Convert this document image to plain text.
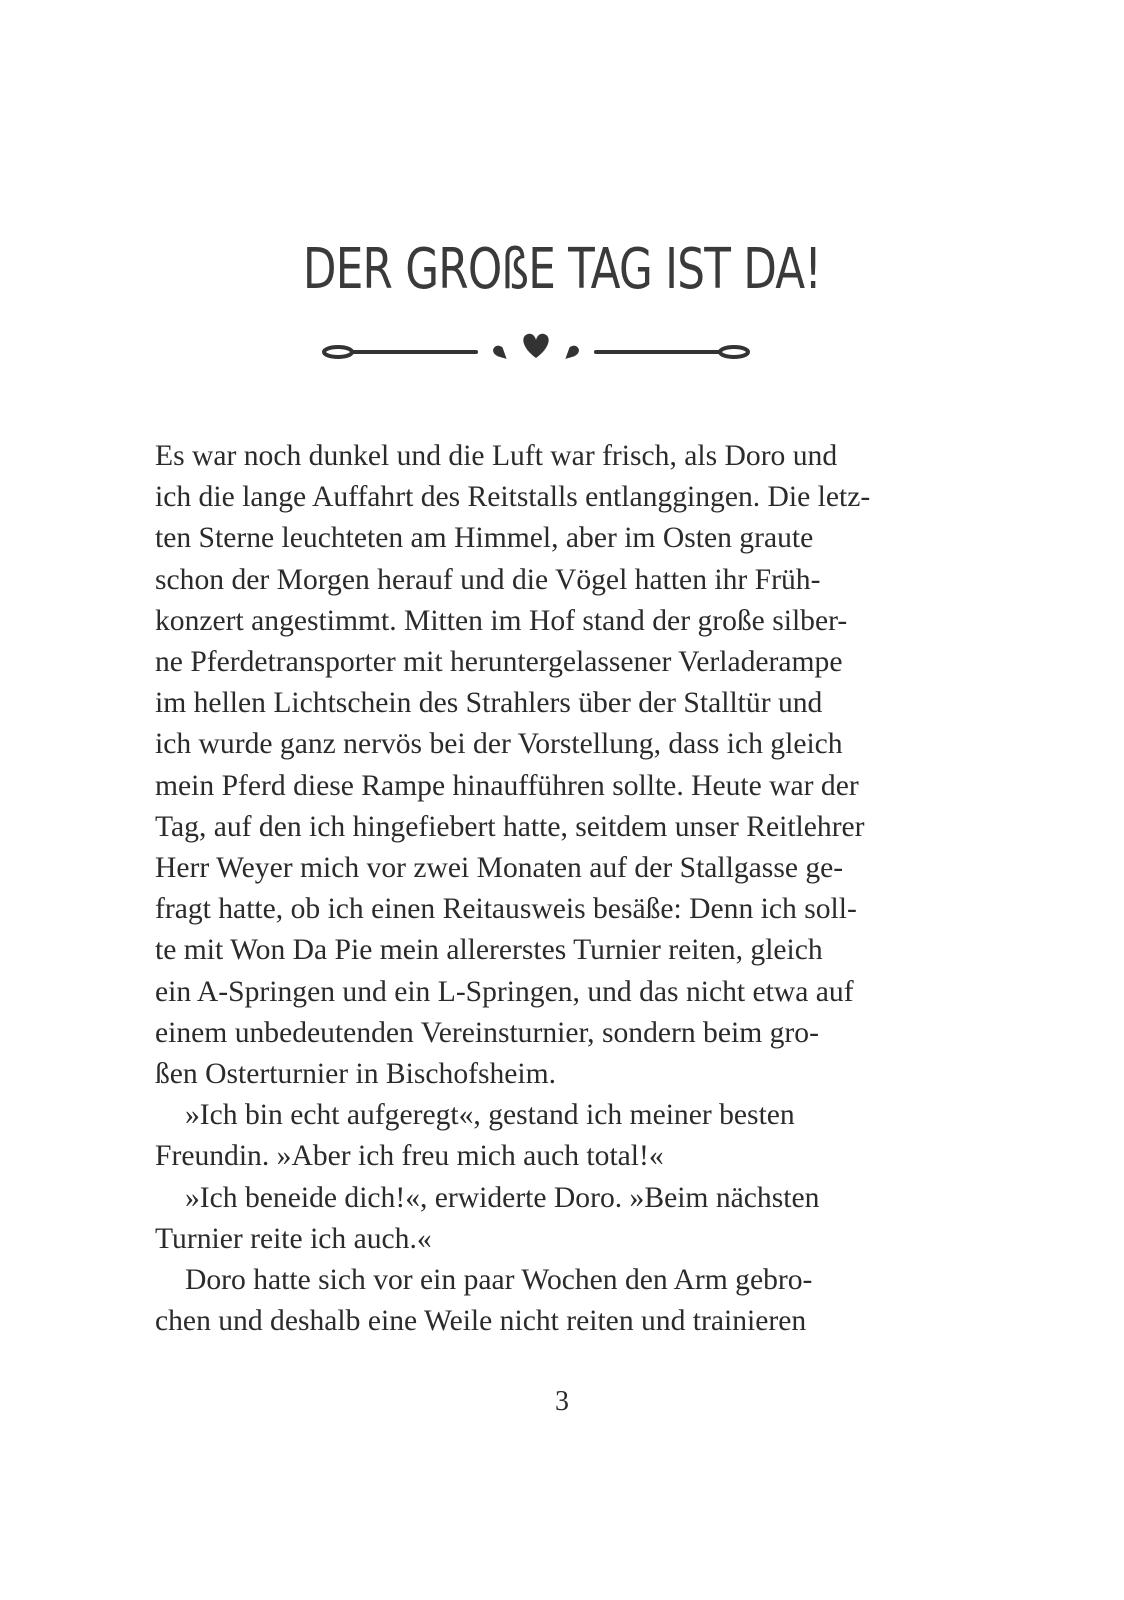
DER GROßE TAG IST DA!

Es war noch dunkel und die Luft war frisch, als Doro und

ich die lange Auffahrt des Reitstalls entlanggingen. Die letz-

ten Sterne leuchteten am Himmel, aber im Osten graute

schon der Morgen herauf und die Vögel hatten ihr Früh-

konzert angestimmt. Mitten im Hof stand der große silber-

ne Pferdetransporter mit heruntergelassener Verladerampe

im hellen Lichtschein des Strahlers über der Stalltür und

ich wurde ganz nervös bei der Vorstellung, dass ich gleich

mein Pferd diese Rampe hinaufführen sollte. Heute war der

Tag, auf den ich hingefiebert hatte, seitdem unser Reitlehrer

Herr Weyer mich vor zwei Monaten auf der Stallgasse ge-

fragt hatte, ob ich einen Reitausweis besäße: Denn ich soll-

te mit Won Da Pie mein allererstes Turnier reiten, gleich

ein A-Springen und ein L-Springen, und das nicht etwa auf

einem unbedeutenden Vereinsturnier, sondern beim gro-

ßen Osterturnier in Bischofsheim.

»Ich bin echt aufgeregt«, gestand ich meiner besten

Freundin. »Aber ich freu mich auch total!«

»Ich beneide dich!«, erwiderte Doro. »Beim nächsten

Turnier reite ich auch.«

Doro hatte sich vor ein paar Wochen den Arm gebro-

chen und deshalb eine Weile nicht reiten und trainieren

3
